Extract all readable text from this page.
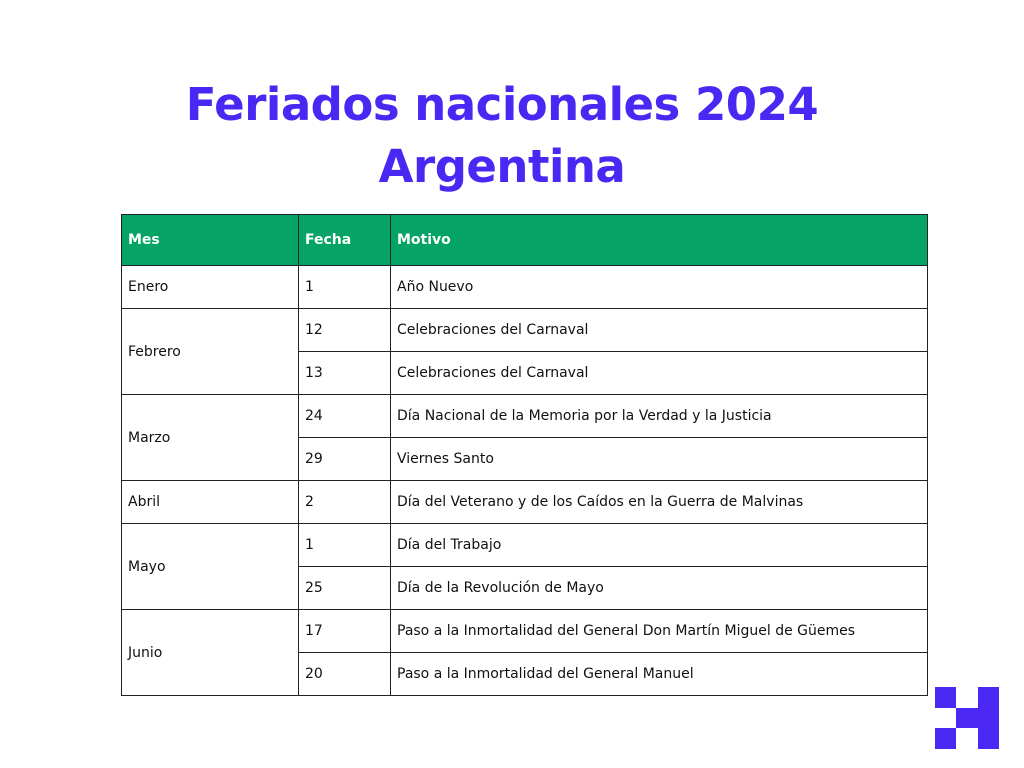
Feriados nacionales 2024
Argentina
Mes	Fecha	Motivo
Enero	1	Año Nuevo
Febrero	12	Celebraciones del Carnaval
	13	Celebraciones del Carnaval
Marzo	24	Día Nacional de la Memoria por la Verdad y la Justicia
	29	Viernes Santo
Abril	2	Día del Veterano y de los Caídos en la Guerra de Malvinas
Mayo	1	Día del Trabajo
	25	Día de la Revolución de Mayo
Junio	17	Paso a la Inmortalidad del General Don Martín Miguel de Güemes
	20	Paso a la Inmortalidad del General Manuel
